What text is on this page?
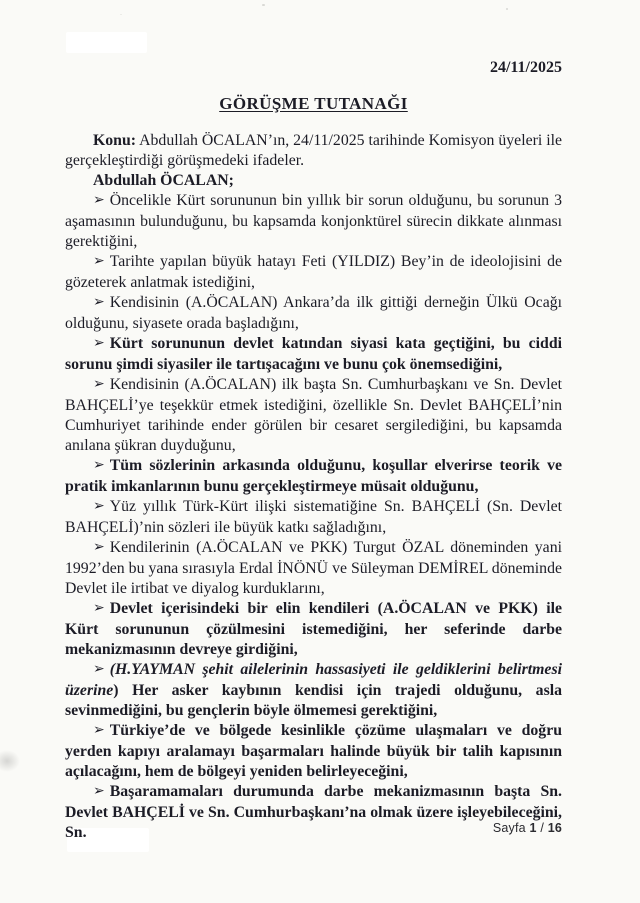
24/11/2025
GÖRÜŞME TUTANAĞI

Konu: Abdullah ÖCALAN’ın, 24/11/2025 tarihinde Komisyon üyeleri ile gerçekleştirdiği görüşmedeki ifadeler.

Abdullah ÖCALAN;

➢ Öncelikle Kürt sorununun bin yıllık bir sorun olduğunu, bu sorunun 3 aşamasının bulunduğunu, bu kapsamda konjonktürel sürecin dikkate alınması gerektiğini,

➢ Tarihte yapılan büyük hatayı Feti (YILDIZ) Bey’in de ideolojisini de gözeterek anlatmak istediğini,

➢ Kendisinin (A.ÖCALAN) Ankara’da ilk gittiği derneğin Ülkü Ocağı olduğunu, siyasete orada başladığını,

➢ Kürt sorununun devlet katından siyasi kata geçtiğini, bu ciddi sorunu şimdi siyasiler ile tartışacağını ve bunu çok önemsediğini,

➢ Kendisinin (A.ÖCALAN) ilk başta Sn. Cumhurbaşkanı ve Sn. Devlet BAHÇELİ’ye teşekkür etmek istediğini, özellikle Sn. Devlet BAHÇELİ’nin Cumhuriyet tarihinde ender görülen bir cesaret sergilediğini, bu kapsamda anılana şükran duyduğunu,

➢ Tüm sözlerinin arkasında olduğunu, koşullar elverirse teorik ve pratik imkanlarının bunu gerçekleştirmeye müsait olduğunu,

➢ Yüz yıllık Türk-Kürt ilişki sistematiğine Sn. BAHÇELİ (Sn. Devlet BAHÇELİ)’nin sözleri ile büyük katkı sağladığını,

➢ Kendilerinin (A.ÖCALAN ve PKK) Turgut ÖZAL döneminden yani 1992’den bu yana sırasıyla Erdal İNÖNÜ ve Süleyman DEMİREL döneminde Devlet ile irtibat ve diyalog kurduklarını,

➢ Devlet içerisindeki bir elin kendileri (A.ÖCALAN ve PKK) ile Kürt sorununun çözülmesini istemediğini, her seferinde darbe mekanizmasının devreye girdiğini,

➢ (H.YAYMAN şehit ailelerinin hassasiyeti ile geldiklerini belirtmesi üzerine) Her asker kaybının kendisi için trajedi olduğunu, asla sevinmediğini, bu gençlerin böyle ölmemesi gerektiğini,

➢ Türkiye’de ve bölgede kesinlikle çözüme ulaşmaları ve doğru yerden kapıyı aralamayı başarmaları halinde büyük bir talih kapısının açılacağını, hem de bölgeyi yeniden belirleyeceğini,

➢ Başaramamaları durumunda darbe mekanizmasının başta Sn. Devlet BAHÇELİ ve Sn. Cumhurbaşkanı’na olmak üzere işleyebileceğini, Sn.	Sayfa 1 / 16
